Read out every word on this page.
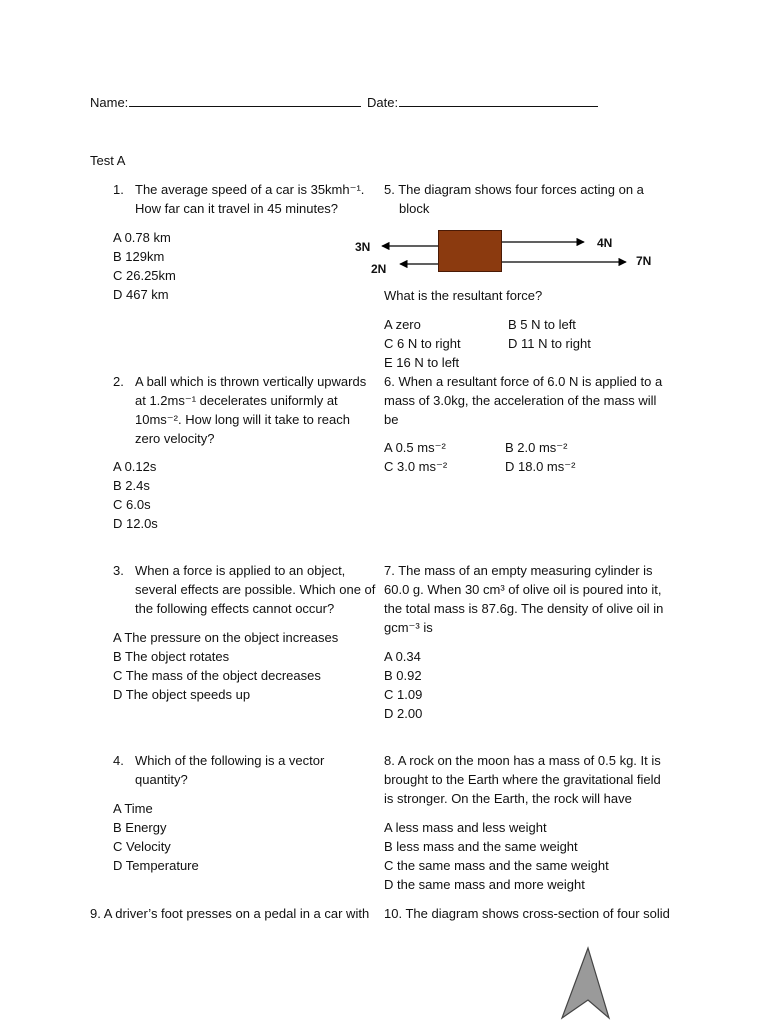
Name:	Date:
Test A
1. The average speed of a car is 35kmh⁻¹.
How far can it travel in 45 minutes?
A 0.78 km
B 129km
C 26.25km
D 467 km
2. A ball which is thrown vertically upwards
at 1.2ms⁻¹ decelerates uniformly at
10ms⁻². How long will it take to reach
zero velocity?
A 0.12s
B 2.4s
C 6.0s
D 12.0s
3. When a force is applied to an object,
several effects are possible. Which one of
the following effects cannot occur?
A The pressure on the object increases
B The object rotates
C The mass of the object decreases
D The object speeds up
4. Which of the following is a vector
quantity?
A Time
B Energy
C Velocity
D Temperature
5. The diagram shows four forces acting on a
block
3N
2N
4N
7N
What is the resultant force?
A zero	B 5 N to left
C 6 N to right	D 11 N to right
E 16 N to left
6. When a resultant force of 6.0 N is applied to a
mass of 3.0kg, the acceleration of the mass will
be
A 0.5 ms⁻²	B 2.0 ms⁻²
C 3.0 ms⁻²	D 18.0 ms⁻²
7. The mass of an empty measuring cylinder is
60.0 g. When 30 cm³ of olive oil is poured into it,
the total mass is 87.6g. The density of olive oil in
gcm⁻³ is
A 0.34
B 0.92
C 1.09
D 2.00
8. A rock on the moon has a mass of 0.5 kg. It is
brought to the Earth where the gravitational field
is stronger. On the Earth, the rock will have
A less mass and less weight
B less mass and the same weight
C the same mass and the same weight
D the same mass and more weight
9. A driver’s foot presses on a pedal in a car with 10. The diagram shows cross-section of four solid
